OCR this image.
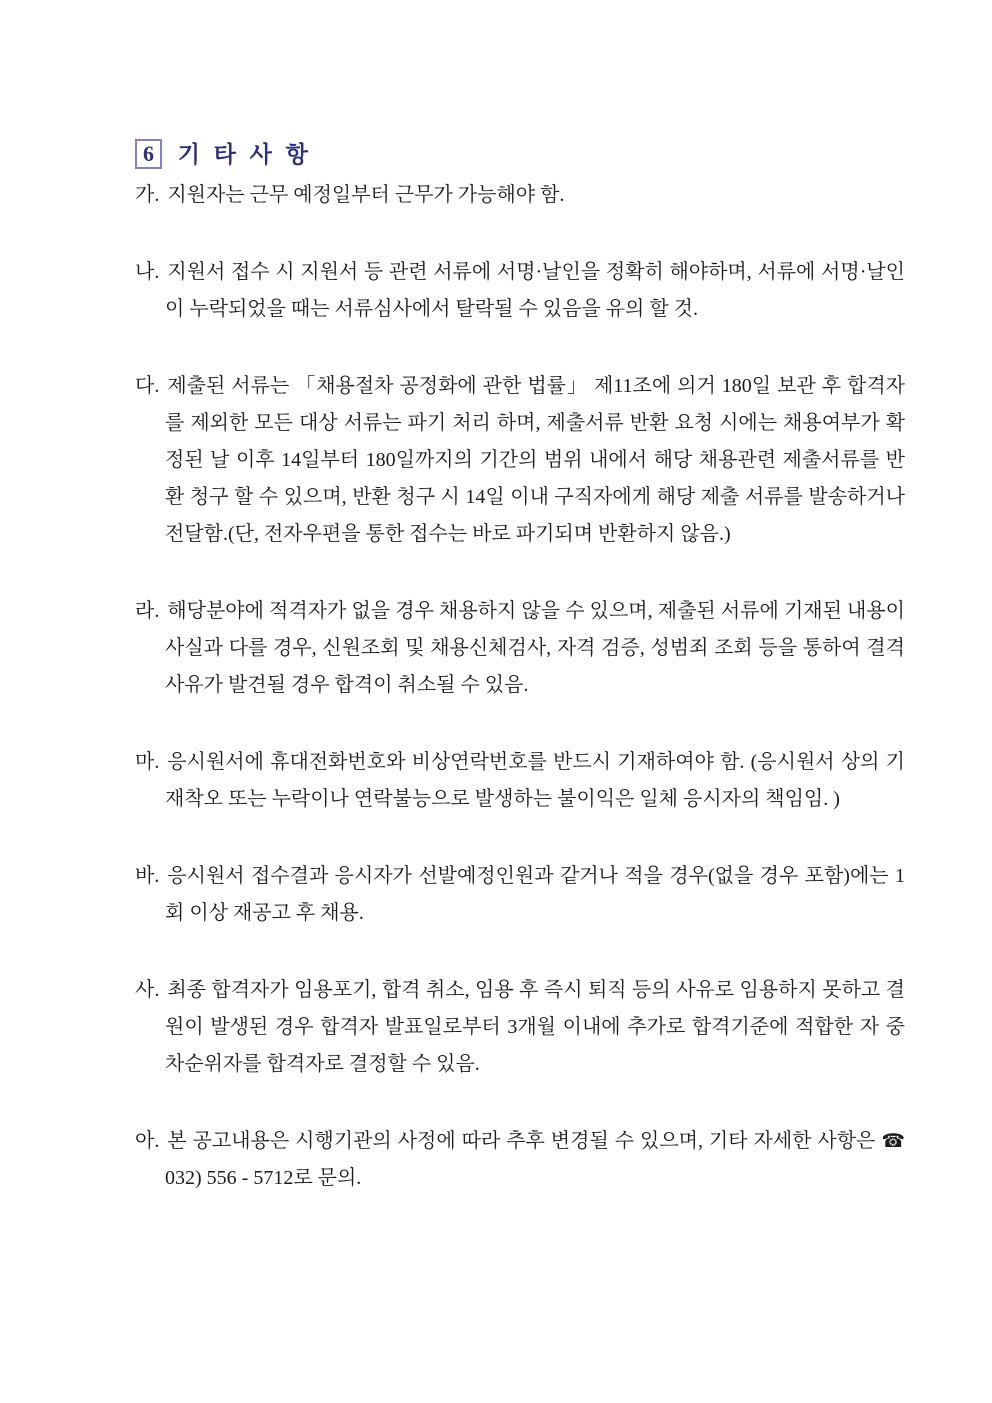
6 기 타 사 항

가. 지원자는 근무 예정일부터 근무가 가능해야 함.

나. 지원서 접수 시 지원서 등 관련 서류에 서명·날인을 정확히 해야하며, 서류에 서명·날인이 누락되었을 때는 서류심사에서 탈락될 수 있음을 유의 할 것.

다. 제출된 서류는 「채용절차 공정화에 관한 법률」 제11조에 의거 180일 보관 후 합격자를 제외한 모든 대상 서류는 파기 처리 하며, 제출서류 반환 요청 시에는 채용여부가 확정된 날 이후 14일부터 180일까지의 기간의 범위 내에서 해당 채용관련 제출서류를 반환 청구 할 수 있으며, 반환 청구 시 14일 이내 구직자에게 해당 제출 서류를 발송하거나 전달함.(단, 전자우편을 통한 접수는 바로 파기되며 반환하지 않음.)

라. 해당분야에 적격자가 없을 경우 채용하지 않을 수 있으며, 제출된 서류에 기재된 내용이 사실과 다를 경우, 신원조회 및 채용신체검사, 자격 검증, 성범죄 조회 등을 통하여 결격사유가 발견될 경우 합격이 취소될 수 있음.

마. 응시원서에 휴대전화번호와 비상연락번호를 반드시 기재하여야 함. (응시원서 상의 기재착오 또는 누락이나 연락불능으로 발생하는 불이익은 일체 응시자의 책임임. )

바. 응시원서 접수결과 응시자가 선발예정인원과 같거나 적을 경우(없을 경우 포함)에는 1회 이상 재공고 후 채용.

사. 최종 합격자가 임용포기, 합격 취소, 임용 후 즉시 퇴직 등의 사유로 임용하지 못하고 결원이 발생된 경우 합격자 발표일로부터 3개월 이내에 추가로 합격기준에 적합한 자 중 차순위자를 합격자로 결정할 수 있음.

아. 본 공고내용은 시행기관의 사정에 따라 추후 변경될 수 있으며, 기타 자세한 사항은 ☎ 032) 556 - 5712로 문의.
